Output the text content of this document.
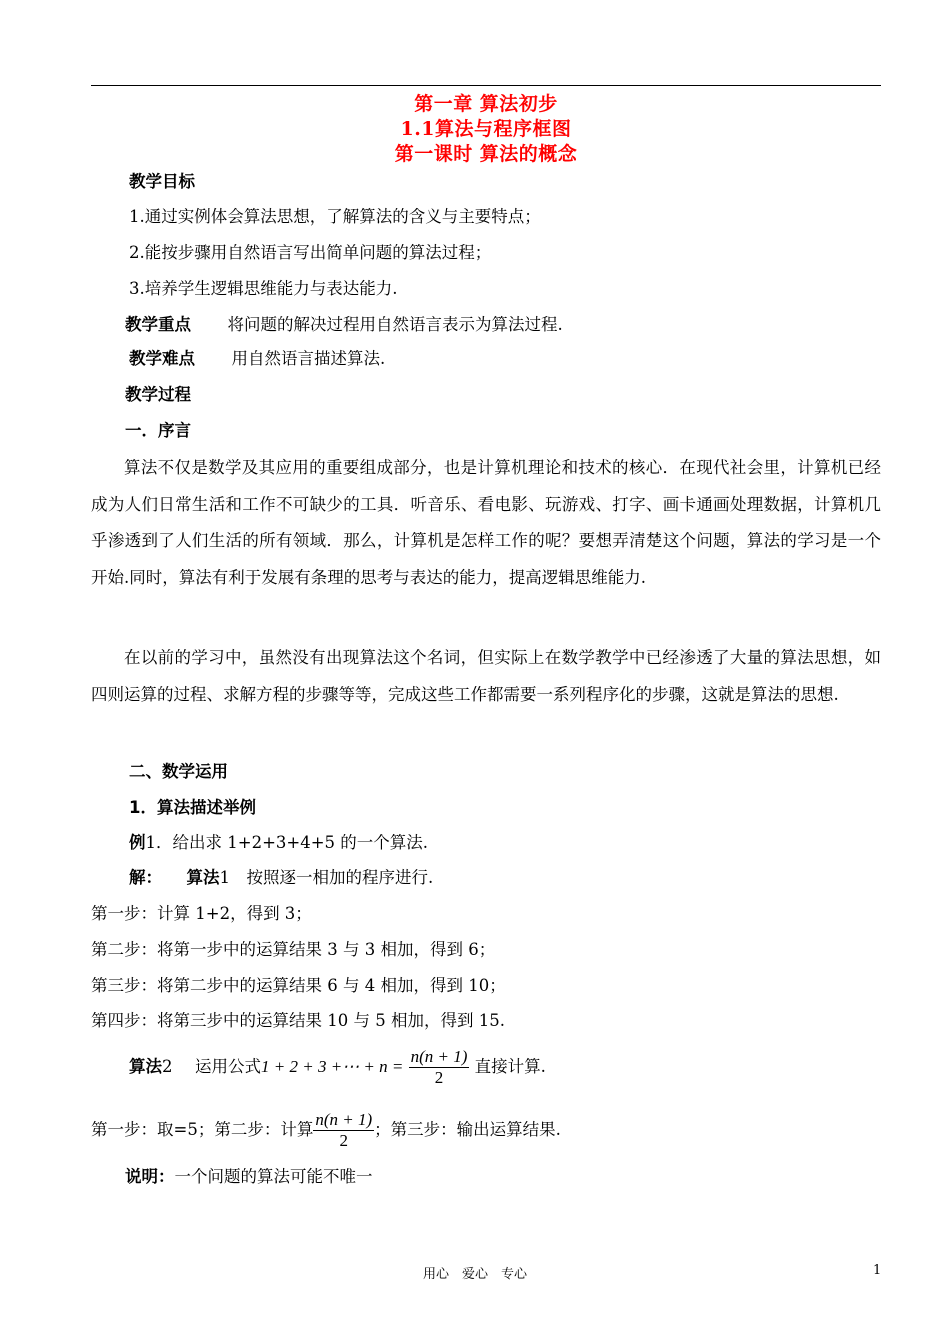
第一章 算法初步
1.1算法与程序框图
第一课时 算法的概念
教学目标
1.通过实例体会算法思想，了解算法的含义与主要特点；
2.能按步骤用自然语言写出简单问题的算法过程；
3.培养学生逻辑思维能力与表达能力.
教学重点 将问题的解决过程用自然语言表示为算法过程.
教学难点 用自然语言描述算法.
教学过程
一．序言
算法不仅是数学及其应用的重要组成部分，也是计算机理论和技术的核心．在现代社会里，计算机已经成为人们日常生活和工作不可缺少的工具．听音乐、看电影、玩游戏、打字、画卡通画处理数据，计算机几乎渗透到了人们生活的所有领域．那么，计算机是怎样工作的呢？要想弄清楚这个问题，算法的学习是一个开始.同时，算法有利于发展有条理的思考与表达的能力，提高逻辑思维能力.
在以前的学习中，虽然没有出现算法这个名词，但实际上在数学教学中已经渗透了大量的算法思想，如四则运算的过程、求解方程的步骤等等，完成这些工作都需要一系列程序化的步骤，这就是算法的思想.
二、数学运用
1．算法描述举例
例1．给出求 1+2+3+4+5 的一个算法.
解： 算法1　按照逐一相加的程序进行.
第一步：计算 1+2，得到 3；
第二步：将第一步中的运算结果 3 与 3 相加，得到 6；
第三步：将第二步中的运算结果 6 与 4 相加，得到 10；
第四步：将第三步中的运算结果 10 与 5 相加，得到 15.
算法2 运用公式1 + 2 + 3 +⋯ + $n = \frac{n(n + 1)}{2}$ 直接计算.
第一步：取=5；第二步：计算 $\frac{n(n + 1)}{2}$ ；第三步：输出运算结果.
说明：一个问题的算法可能不唯一
用心　爱心　专心	1
